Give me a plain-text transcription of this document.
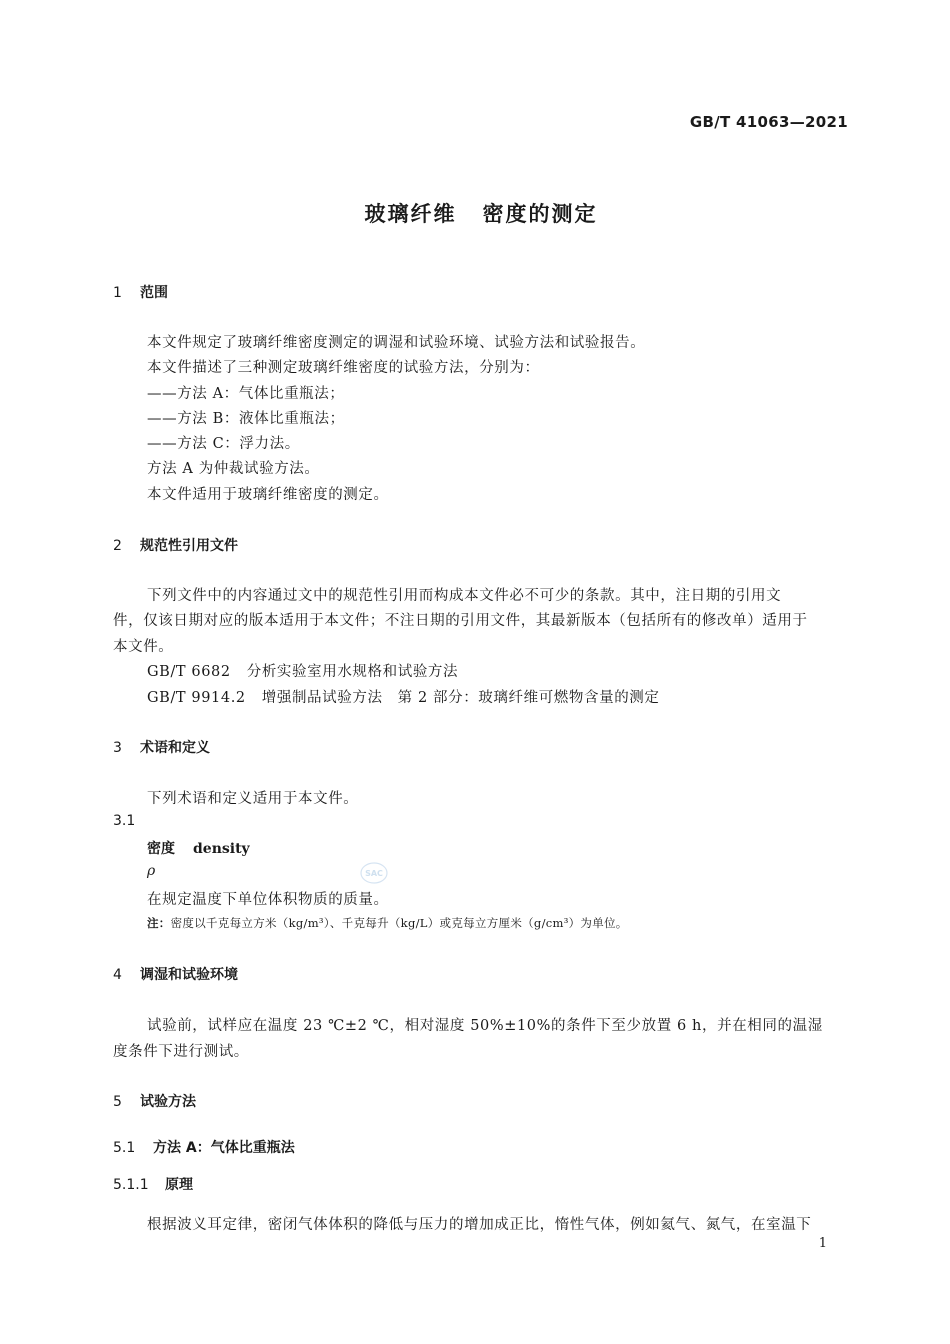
GB/T 41063—2021
玻璃纤维 密度的测定
1 范围
本文件规定了玻璃纤维密度测定的调湿和试验环境、试验方法和试验报告。
本文件描述了三种测定玻璃纤维密度的试验方法，分别为：
——方法 A：气体比重瓶法；
——方法 B：液体比重瓶法；
——方法 C：浮力法。
方法 A 为仲裁试验方法。
本文件适用于玻璃纤维密度的测定。
2 规范性引用文件
下列文件中的内容通过文中的规范性引用而构成本文件必不可少的条款。其中，注日期的引用文
件，仅该日期对应的版本适用于本文件；不注日期的引用文件，其最新版本（包括所有的修改单）适用于
本文件。
GB/T 6682 分析实验室用水规格和试验方法
GB/T 9914.2 增强制品试验方法　第 2 部分：玻璃纤维可燃物含量的测定
3 术语和定义
下列术语和定义适用于本文件。
3.1
密度 density
ρ
在规定温度下单位体积物质的质量。
注：密度以千克每立方米（kg/m³）、千克每升（kg/L）或克每立方厘米（g/cm³）为单位。
SAC
4 调湿和试验环境
试验前，试样应在温度 23 ℃±2 ℃，相对湿度 50%±10%的条件下至少放置 6 h，并在相同的温湿
度条件下进行测试。
5 试验方法
5.1 方法 A：气体比重瓶法
5.1.1 原理
根据波义耳定律，密闭气体体积的降低与压力的增加成正比，惰性气体，例如氦气、氮气，在室温下
1
